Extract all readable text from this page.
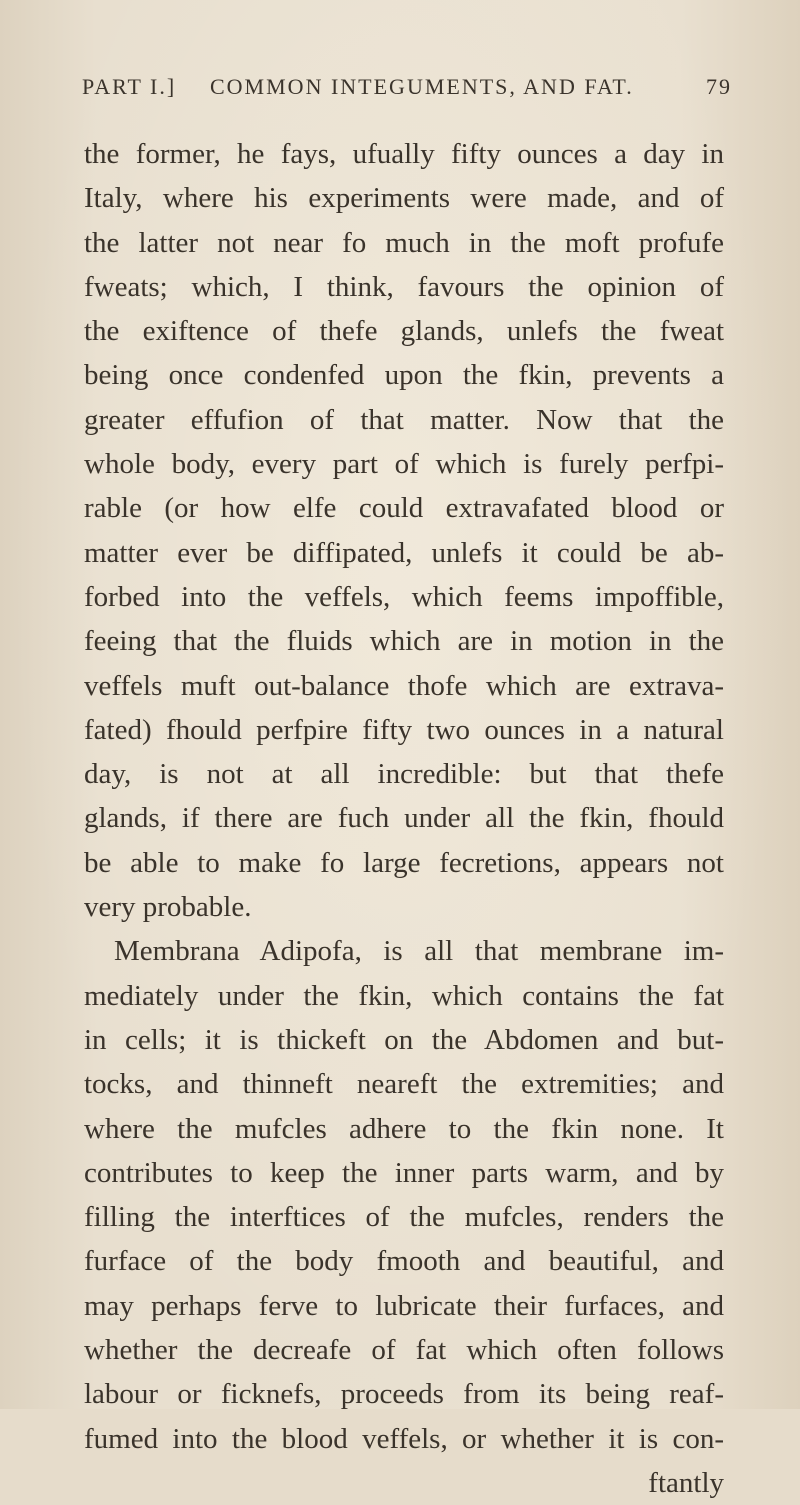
PART I.] COMMON INTEGUMENTS, AND FAT.	79
the former, he fays, ufually fifty ounces a day in
Italy, where his experiments were made, and of
the latter not near fo much in the moft profufe
fweats; which, I think, favours the opinion of
the exiftence of thefe glands, unlefs the fweat
being once condenfed upon the fkin, prevents a
greater effufion of that matter. Now that the
whole body, every part of which is furely perfpi-
rable (or how elfe could extravafated blood or
matter ever be diffipated, unlefs it could be ab-
forbed into the veffels, which feems impoffible,
feeing that the fluids which are in motion in the
veffels muft out-balance thofe which are extrava-
fated) fhould perfpire fifty two ounces in a natural
day, is not at all incredible: but that thefe
glands, if there are fuch under all the fkin, fhould
be able to make fo large fecretions, appears not
very probable.
Membrana Adipofa, is all that membrane im-
mediately under the fkin, which contains the fat
in cells; it is thickeft on the Abdomen and but-
tocks, and thinneft neareft the extremities; and
where the mufcles adhere to the fkin none. It
contributes to keep the inner parts warm, and by
filling the interftices of the mufcles, renders the
furface of the body fmooth and beautiful, and
may perhaps ferve to lubricate their furfaces, and
whether the decreafe of fat which often follows
labour or ficknefs, proceeds from its being reaf-
fumed into the blood veffels, or whether it is con-
ftantly
